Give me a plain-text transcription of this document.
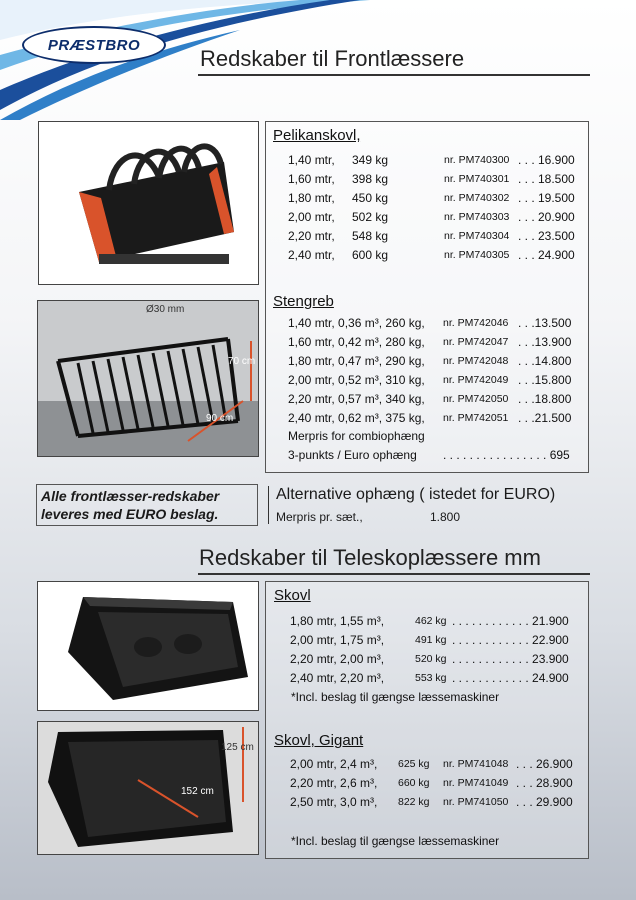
PRÆSTBRO
Redskaber til Frontlæssere
Ø30 mm
70 cm
90 cm
Pelikanskovl,
1,40 mtr, 349 kg	nr. PM740300 . . . 16.900
1,60 mtr, 398 kg	nr. PM740301 . . . 18.500
1,80 mtr, 450 kg	nr. PM740302 . . . 19.500
2,00 mtr, 502 kg	nr. PM740303 . . . 20.900
2,20 mtr, 548 kg	nr. PM740304 . . . 23.500
2,40 mtr, 600 kg	nr. PM740305 . . . 24.900
Stengreb
1,40 mtr, 0,36 m³, 260 kg, nr. PM742046 . . .13.500
1,60 mtr, 0,42 m³, 280 kg, nr. PM742047 . . .13.900
1,80 mtr, 0,47 m³, 290 kg, nr. PM742048 . . .14.800
2,00 mtr, 0,52 m³, 310 kg, nr. PM742049 . . .15.800
2,20 mtr, 0,57 m³, 340 kg, nr. PM742050 . . .18.800
2,40 mtr, 0,62 m³, 375 kg, nr. PM742051 . . .21.500
Merpris for combiophæng
3-punkts / Euro ophæng . . . . . . . . . . . . . . . . 695
Alle frontlæsser-redskaber
leveres med EURO beslag.
Alternative ophæng ( istedet for EURO)
Merpris pr. sæt.,	1.800
Redskaber til Teleskoplæssere mm
125 cm
152 cm
Skovl
1,80 mtr, 1,55 m³,	462 kg . . . . . . . . . . . . 21.900
2,00 mtr, 1,75 m³,	491 kg . . . . . . . . . . . . 22.900
2,20 mtr, 2,00 m³,	520 kg . . . . . . . . . . . . 23.900
2,40 mtr, 2,20 m³,	553 kg . . . . . . . . . . . . 24.900
*Incl. beslag til gængse læssemaskiner
Skovl, Gigant
2,00 mtr, 2,4 m³, 625 kg nr. PM741048 . . . 26.900
2,20 mtr, 2,6 m³, 660 kg nr. PM741049 . . . 28.900
2,50 mtr, 3,0 m³, 822 kg nr. PM741050 . . . 29.900
*Incl. beslag til gængse læssemaskiner
